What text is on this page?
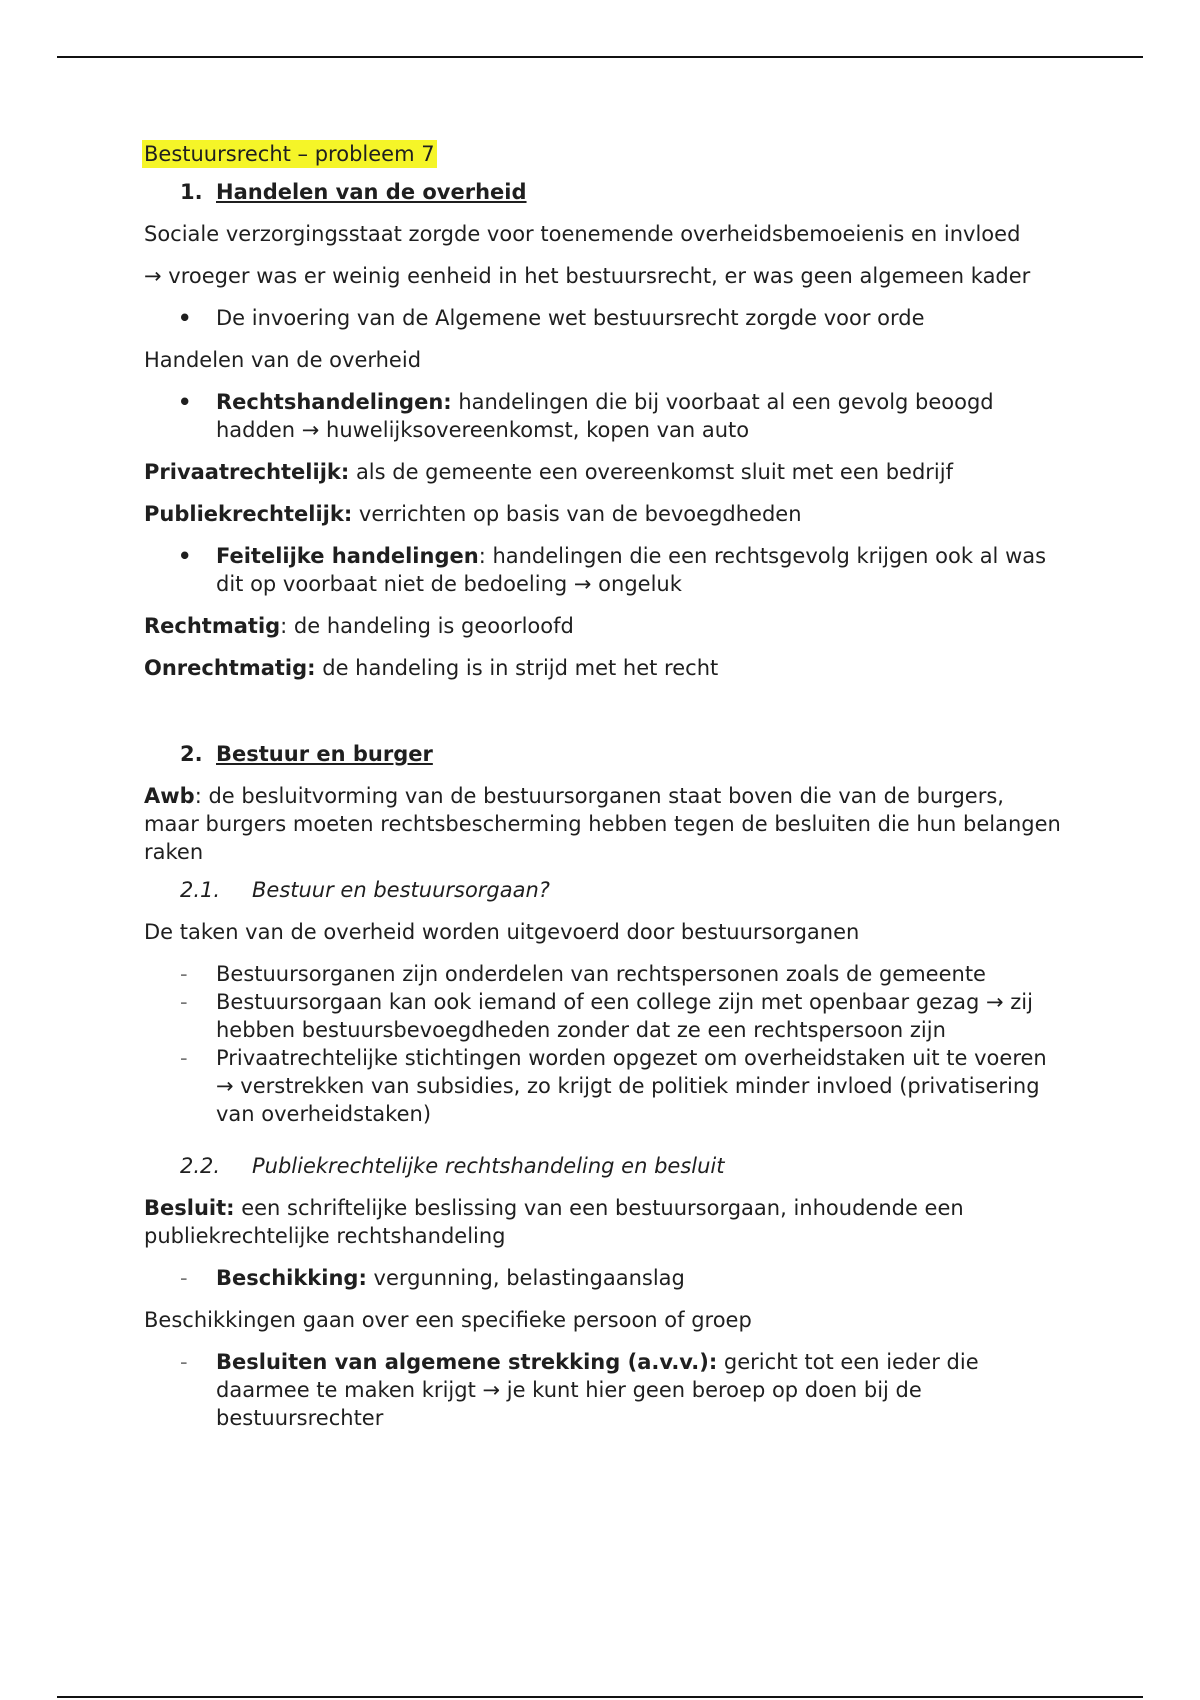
Bestuursrecht – probleem 7

1. Handelen van de overheid

Sociale verzorgingsstaat zorgde voor toenemende overheidsbemoeienis en invloed

→ vroeger was er weinig eenheid in het bestuursrecht, er was geen algemeen kader

• De invoering van de Algemene wet bestuursrecht zorgde voor orde

Handelen van de overheid

• Rechtshandelingen: handelingen die bij voorbaat al een gevolg beoogd hadden → huwelijksovereenkomst, kopen van auto

Privaatrechtelijk: als de gemeente een overeenkomst sluit met een bedrijf

Publiekrechtelijk: verrichten op basis van de bevoegdheden

• Feitelijke handelingen: handelingen die een rechtsgevolg krijgen ook al was dit op voorbaat niet de bedoeling → ongeluk

Rechtmatig: de handeling is geoorloofd

Onrechtmatig: de handeling is in strijd met het recht

2. Bestuur en burger

Awb: de besluitvorming van de bestuursorganen staat boven die van de burgers, maar burgers moeten rechtsbescherming hebben tegen de besluiten die hun belangen raken

2.1. Bestuur en bestuursorgaan?

De taken van de overheid worden uitgevoerd door bestuursorganen

- Bestuursorganen zijn onderdelen van rechtspersonen zoals de gemeente
- Bestuursorgaan kan ook iemand of een college zijn met openbaar gezag → zij hebben bestuursbevoegdheden zonder dat ze een rechtspersoon zijn
- Privaatrechtelijke stichtingen worden opgezet om overheidstaken uit te voeren → verstrekken van subsidies, zo krijgt de politiek minder invloed (privatisering van overheidstaken)

2.2. Publiekrechtelijke rechtshandeling en besluit

Besluit: een schriftelijke beslissing van een bestuursorgaan, inhoudende een publiekrechtelijke rechtshandeling

- Beschikking: vergunning, belastingaanslag

Beschikkingen gaan over een specifieke persoon of groep

- Besluiten van algemene strekking (a.v.v.): gericht tot een ieder die daarmee te maken krijgt → je kunt hier geen beroep op doen bij de bestuursrechter
